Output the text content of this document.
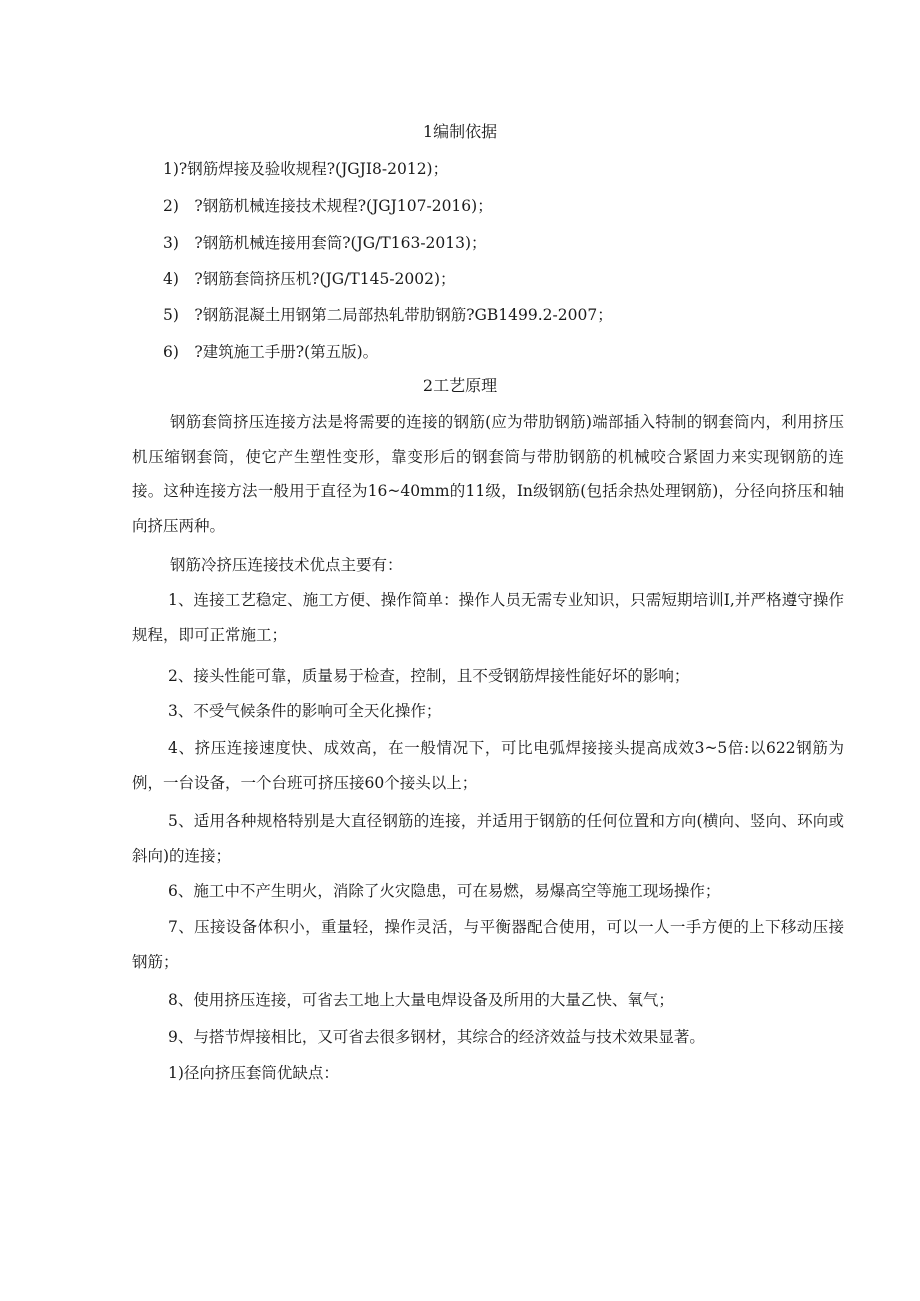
1编制依据
1)?钢筋焊接及验收规程?(JGJI8-2012)；
2)　?钢筋机械连接技术规程?(JGJ107-2016)；
3)　?钢筋机械连接用套筒?(JG/T163-2013)；
4)　?钢筋套筒挤压机?(JG/T145-2002)；
5)　?钢筋混凝土用钢第二局部热轧带肋钢筋?GB1499.2-2007；
6)　?建筑施工手册?(第五版)。
2工艺原理
钢筋套筒挤压连接方法是将需要的连接的钢筋(应为带肋钢筋)端部插入特制的钢套筒内，利用挤压机压缩钢套筒，使它产生塑性变形，靠变形后的钢套筒与带肋钢筋的机械咬合紧固力来实现钢筋的连接。这种连接方法一般用于直径为16~40mm的11级，In级钢筋(包括余热处理钢筋)，分径向挤压和轴向挤压两种。
钢筋冷挤压连接技术优点主要有：
1、连接工艺稳定、施工方便、操作简单：操作人员无需专业知识，只需短期培训I,并严格遵守操作规程，即可正常施工；
2、接头性能可靠，质量易于检查，控制，且不受钢筋焊接性能好坏的影响；
3、不受气候条件的影响可全天化操作；
4、挤压连接速度快、成效高，在一般情况下，可比电弧焊接接头提高成效3~5倍:以622钢筋为例，一台设备，一个台班可挤压接60个接头以上；
5、适用各种规格特别是大直径钢筋的连接，并适用于钢筋的任何位置和方向(横向、竖向、环向或斜向)的连接；
6、施工中不产生明火，消除了火灾隐患，可在易燃，易爆高空等施工现场操作；
7、压接设备体积小，重量轻，操作灵活，与平衡器配合使用，可以一人一手方便的上下移动压接钢筋；
8、使用挤压连接，可省去工地上大量电焊设备及所用的大量乙快、氧气；
9、与搭节焊接相比，又可省去很多钢材，其综合的经济效益与技术效果显著。
1)径向挤压套筒优缺点：
